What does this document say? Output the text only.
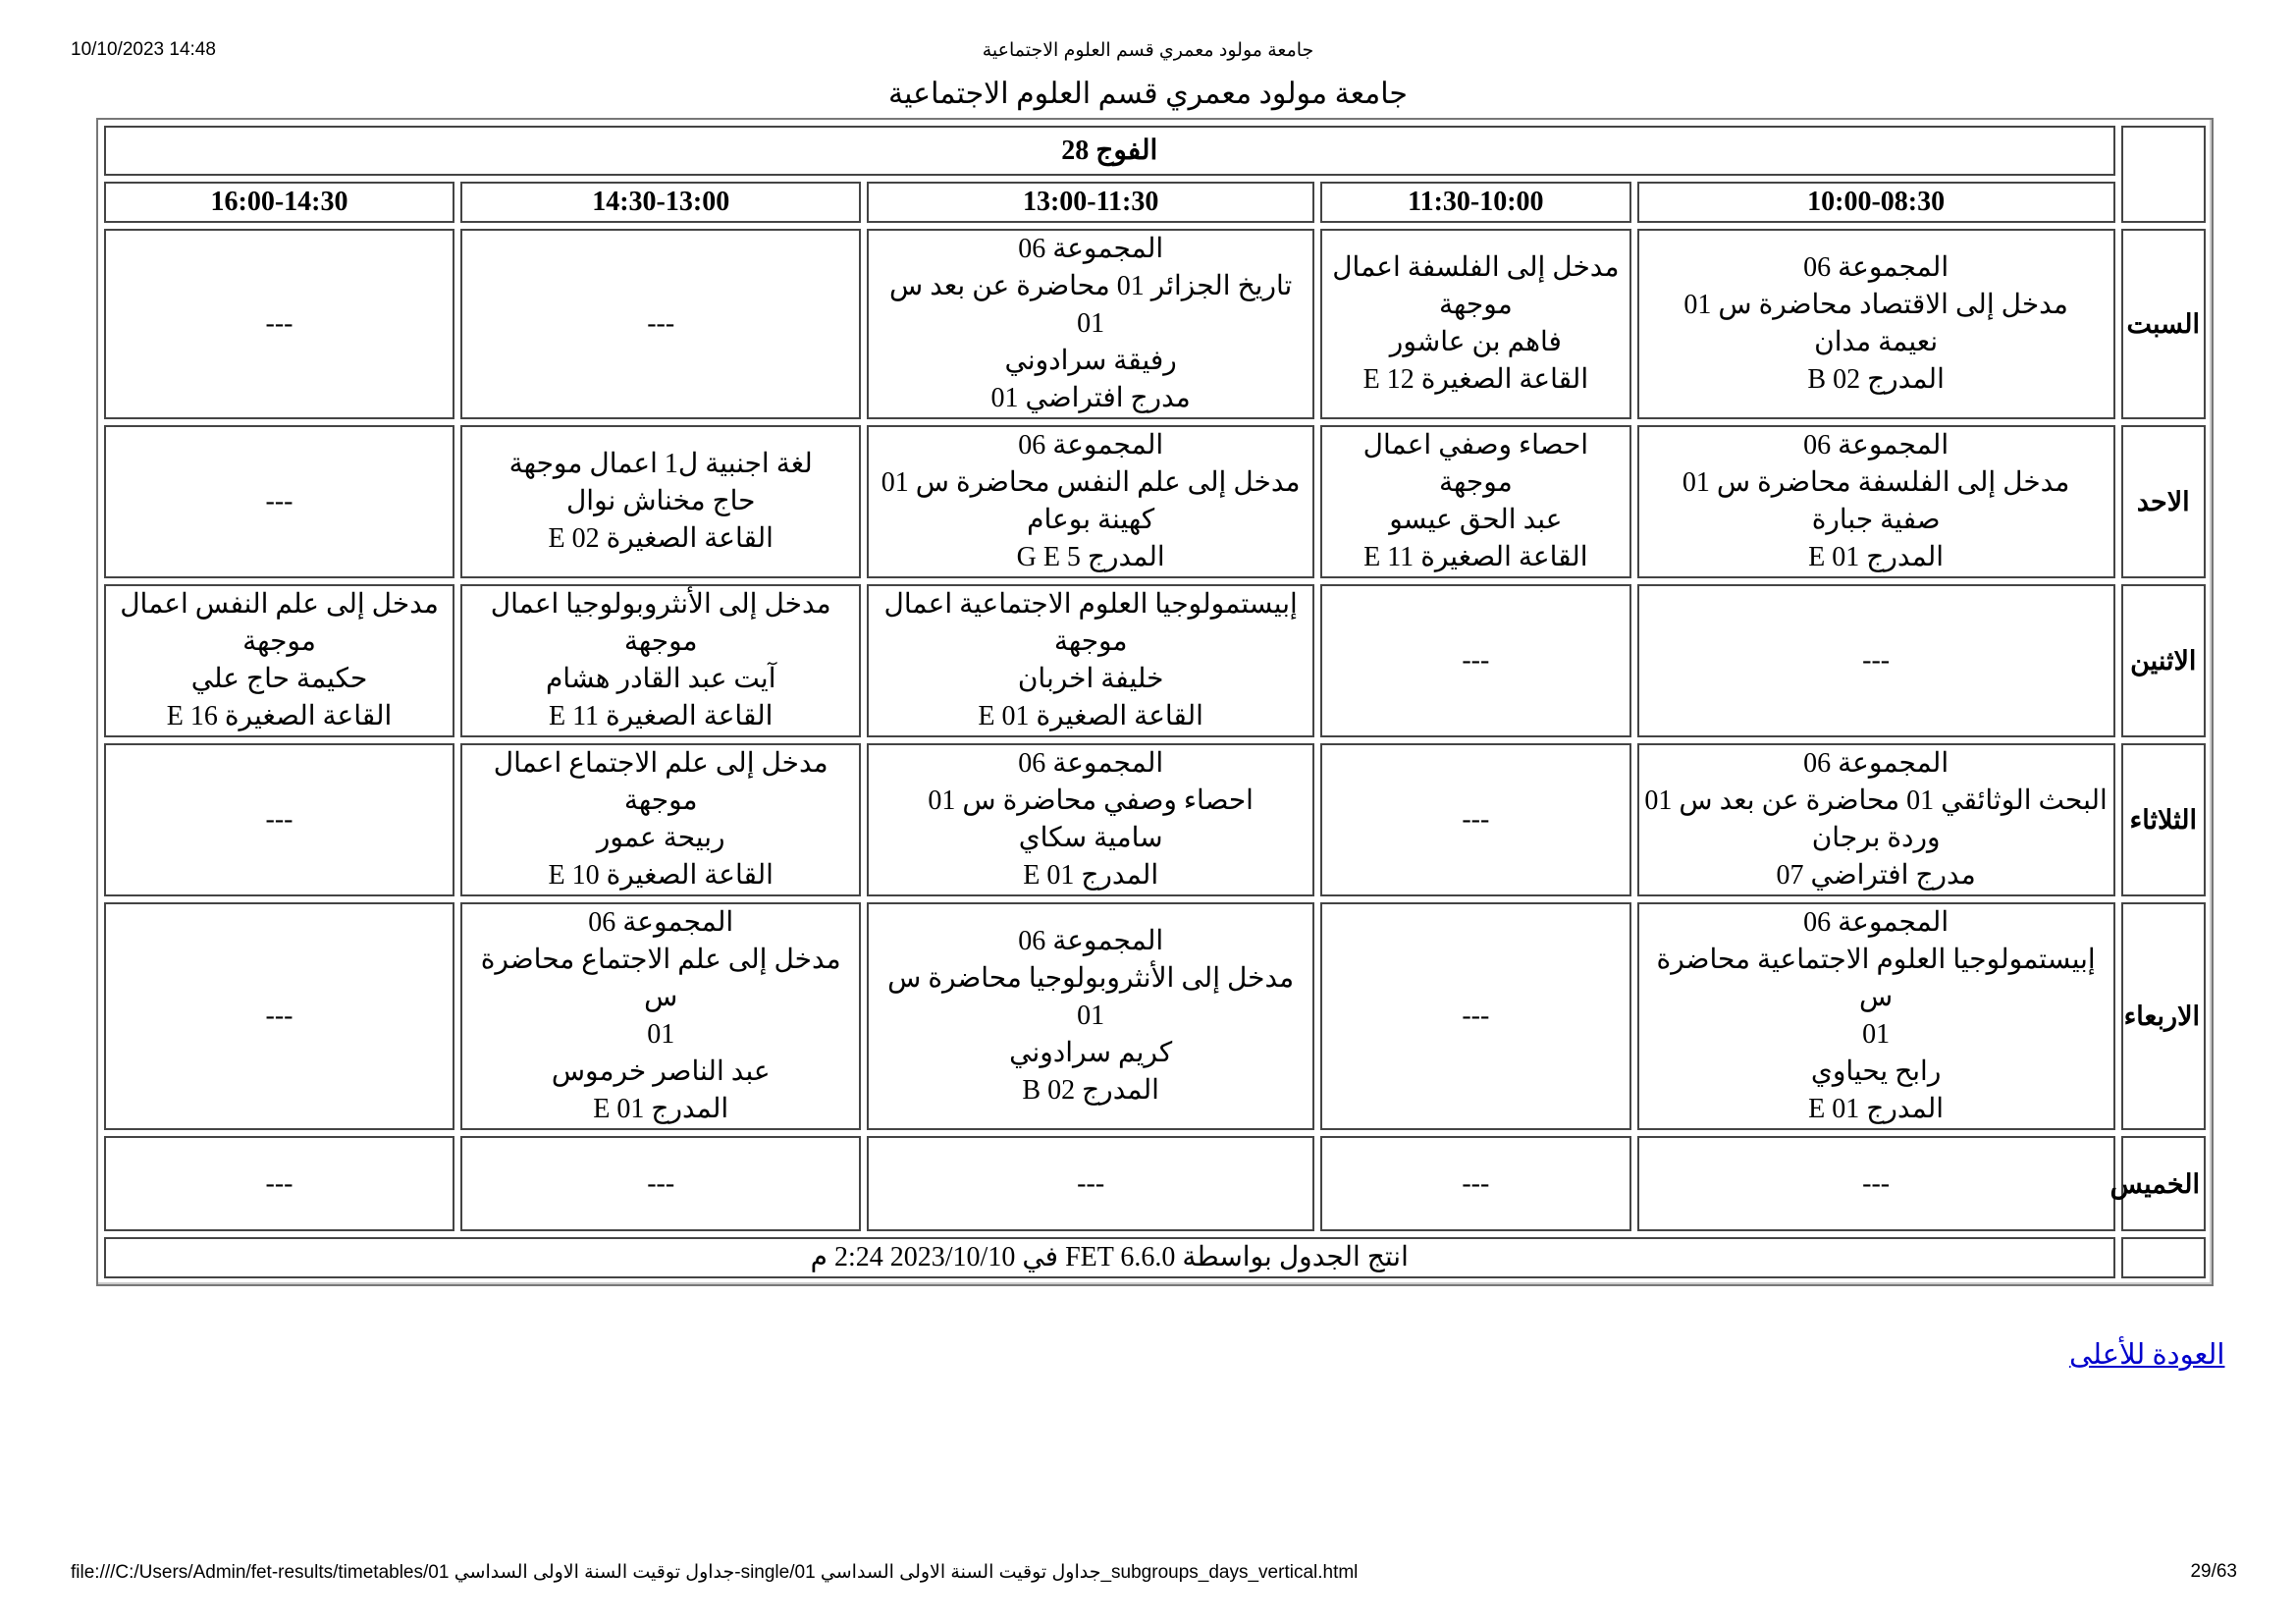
10/10/2023 14:48	جامعة مولود معمري قسم العلوم الاجتماعية
جامعة مولود معمري قسم العلوم الاجتماعية
	الفوج 28				
	10:00-08:30	11:30-10:00	13:00-11:30	14:30-13:00	16:00-14:30
السبت	المجموعة 06
مدخل إلى الاقتصاد محاضرة س 01
نعيمة مدان
المدرج 02 B	مدخل إلى الفلسفة اعمال
موجهة
فاهم بن عاشور
القاعة الصغيرة 12 E	المجموعة 06
تاريخ الجزائر 01 محاضرة عن بعد س
01
رفيقة سرادوني
مدرج افتراضي 01	---	---

الاحد	المجموعة 06
مدخل إلى الفلسفة محاضرة س 01
صفية جبارة
المدرج 01 E	احصاء وصفي اعمال موجهة
عبد الحق عيسو
القاعة الصغيرة 11 E	المجموعة 06
مدخل إلى علم النفس محاضرة س 01
كهينة بوعام
المدرج 5 G E	لغة اجنبية ل1 اعمال موجهة
حاج مخناش نوال
القاعة الصغيرة 02 E	---

الاثنين	---	---	إبيستمولوجيا العلوم الاجتماعية اعمال
موجهة
خليفة اخربان
القاعة الصغيرة 01 E	مدخل إلى الأنثروبولوجيا اعمال
موجهة
آيت عبد القادر هشام
القاعة الصغيرة 11 E	مدخل إلى علم النفس اعمال
موجهة
حكيمة حاج علي
القاعة الصغيرة 16 E

الثلاثاء	المجموعة 06
البحث الوثائقي 01 محاضرة عن بعد س 01
وردة برجان
مدرج افتراضي 07	---	المجموعة 06
احصاء وصفي محاضرة س 01
سامية سكاي
المدرج 01 E	مدخل إلى علم الاجتماع اعمال موجهة
ربيحة عمور
القاعة الصغيرة 10 E	---

الاربعاء	المجموعة 06
إبيستمولوجيا العلوم الاجتماعية محاضرة س
01
رابح يحياوي
المدرج 01 E	---	المجموعة 06
مدخل إلى الأنثروبولوجيا محاضرة س 01
كريم سرادوني
المدرج 02 B	المجموعة 06
مدخل إلى علم الاجتماع محاضرة س
01
عبد الناصر خرموس
المدرج 01 E	---

الخميس	---	---	---	---	---

	انتج الجدول بواسطة FET 6.6.0 في 2023/10/10 2:24 م				
العودة للأعلى
file:///C:/Users/Admin/fet-results/timetables/01 جداول توقيت السنة الاولى السداسي-single/01 جداول توقيت السنة الاولى السداسي_subgroups_days_vertical.html	29/63
